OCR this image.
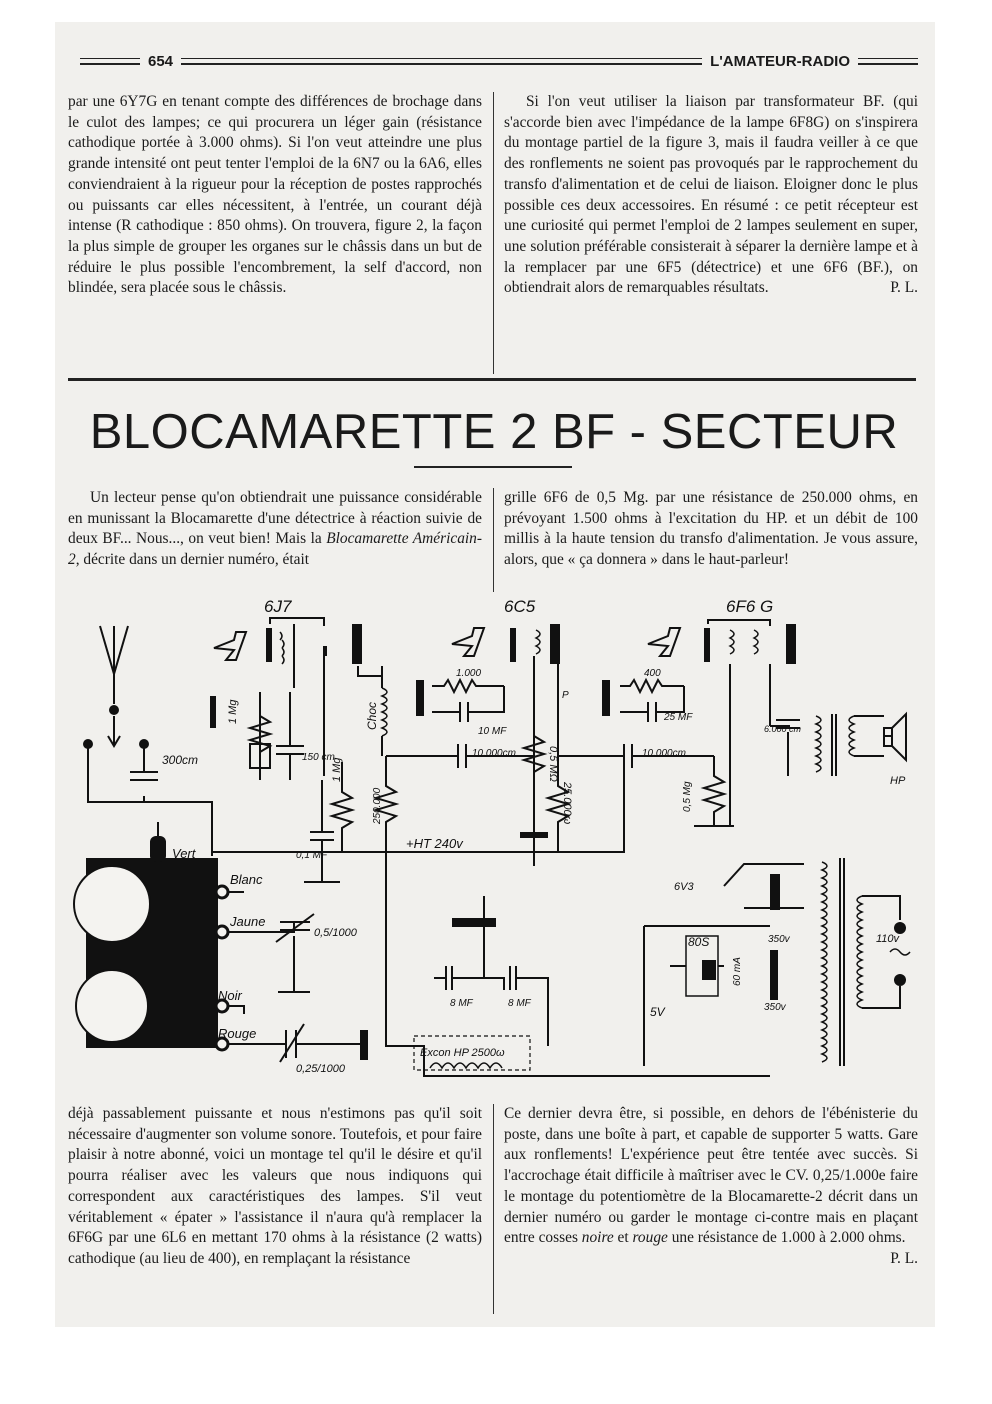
654	L'AMATEUR-RADIO

par une 6Y7G en tenant compte des différences de brochage dans le culot des lampes; ce qui procurera un léger gain (résistance cathodique portée à 3.000 ohms). Si l'on veut atteindre une plus grande intensité ont peut tenter l'emploi de la 6N7 ou la 6A6, elles conviendraient à la rigueur pour la réception de postes rapprochés ou puissants car elles nécessitent, à l'entrée, un courant déjà intense (R cathodique : 850 ohms). On trouvera, figure 2, la façon la plus simple de grouper les organes sur le châssis dans un but de réduire le plus possible l'encombrement, la self d'accord, non blindée, sera placée sous le châssis.

Si l'on veut utiliser la liaison par transformateur BF. (qui s'accorde bien avec l'impédance de la lampe 6F8G) on s'inspirera du montage partiel de la figure 3, mais il faudra veiller à ce que des ronflements ne soient pas provoqués par le rapprochement du transfo d'alimentation et de celui de liaison. Eloigner donc le plus possible ces deux accessoires. En résumé : ce petit récepteur est une curiosité qui permet l'emploi de 2 lampes seulement en super, une solution préférable consisterait à séparer la dernière lampe et à la remplacer par une 6F5 (détectrice) et une 6F6 (BF.), on obtiendrait alors de remarquables résultats.	P. L.

BLOCAMARETTE 2 BF - SECTEUR

Un lecteur pense qu'on obtiendrait une puissance considérable en munissant la Blocamarette d'une détectrice à réaction suivie de deux BF... Nous..., on veut bien! Mais la Blocamarette Américain-2, décrite dans un dernier numéro, était

grille 6F6 de 0,5 Mg. par une résistance de 250.000 ohms, en prévoyant 1.500 ohms à l'excitation du HP. et un débit de 100 millis à la haute tension du transfo d'alimentation. Je vous assure, alors, que « ça donnera » dans le haut-parleur!

300cm
Blanc
Jaune
Noir
Rouge
Vert
0,5/1000
0,25/1000
6J7
1 Mg
150 cm
0,1 MF
1 Mg
Choc
250.000
+HT 240v
10.000cm
6C5
1.000
10 MF
0,5 MΩ
25.000ω
P
10.000cm
6F6 G
400
25 MF
0,5 Mg
6.000 cm
HP
8 MF	8 MF
Excon HP 2500ω
80S
60 mA
5V
350v
350v
6V3
110v

déjà passablement puissante et nous n'estimons pas qu'il soit nécessaire d'augmenter son volume sonore. Toutefois, et pour faire plaisir à notre abonné, voici un montage tel qu'il le désire et qu'il pourra réaliser avec les valeurs que nous indiquons qui correspondent aux caractéristiques des lampes. S'il veut véritablement « épater » l'assistance il n'aura qu'à remplacer la 6F6G par une 6L6 en mettant 170 ohms à la résistance (2 watts) cathodique (au lieu de 400), en remplaçant la résistance

Ce dernier devra être, si possible, en dehors de l'ébénisterie du poste, dans une boîte à part, et capable de supporter 5 watts. Gare aux ronflements! L'expérience peut être tentée avec succès. Si l'accrochage était difficile à maîtriser avec le CV. 0,25/1.000e faire le montage du potentiomètre de la Blocamarette-2 décrit dans un dernier numéro ou garder le montage ci-contre mais en plaçant entre cosses noire et rouge une résistance de 1.000 à 2.000 ohms.
P. L.
